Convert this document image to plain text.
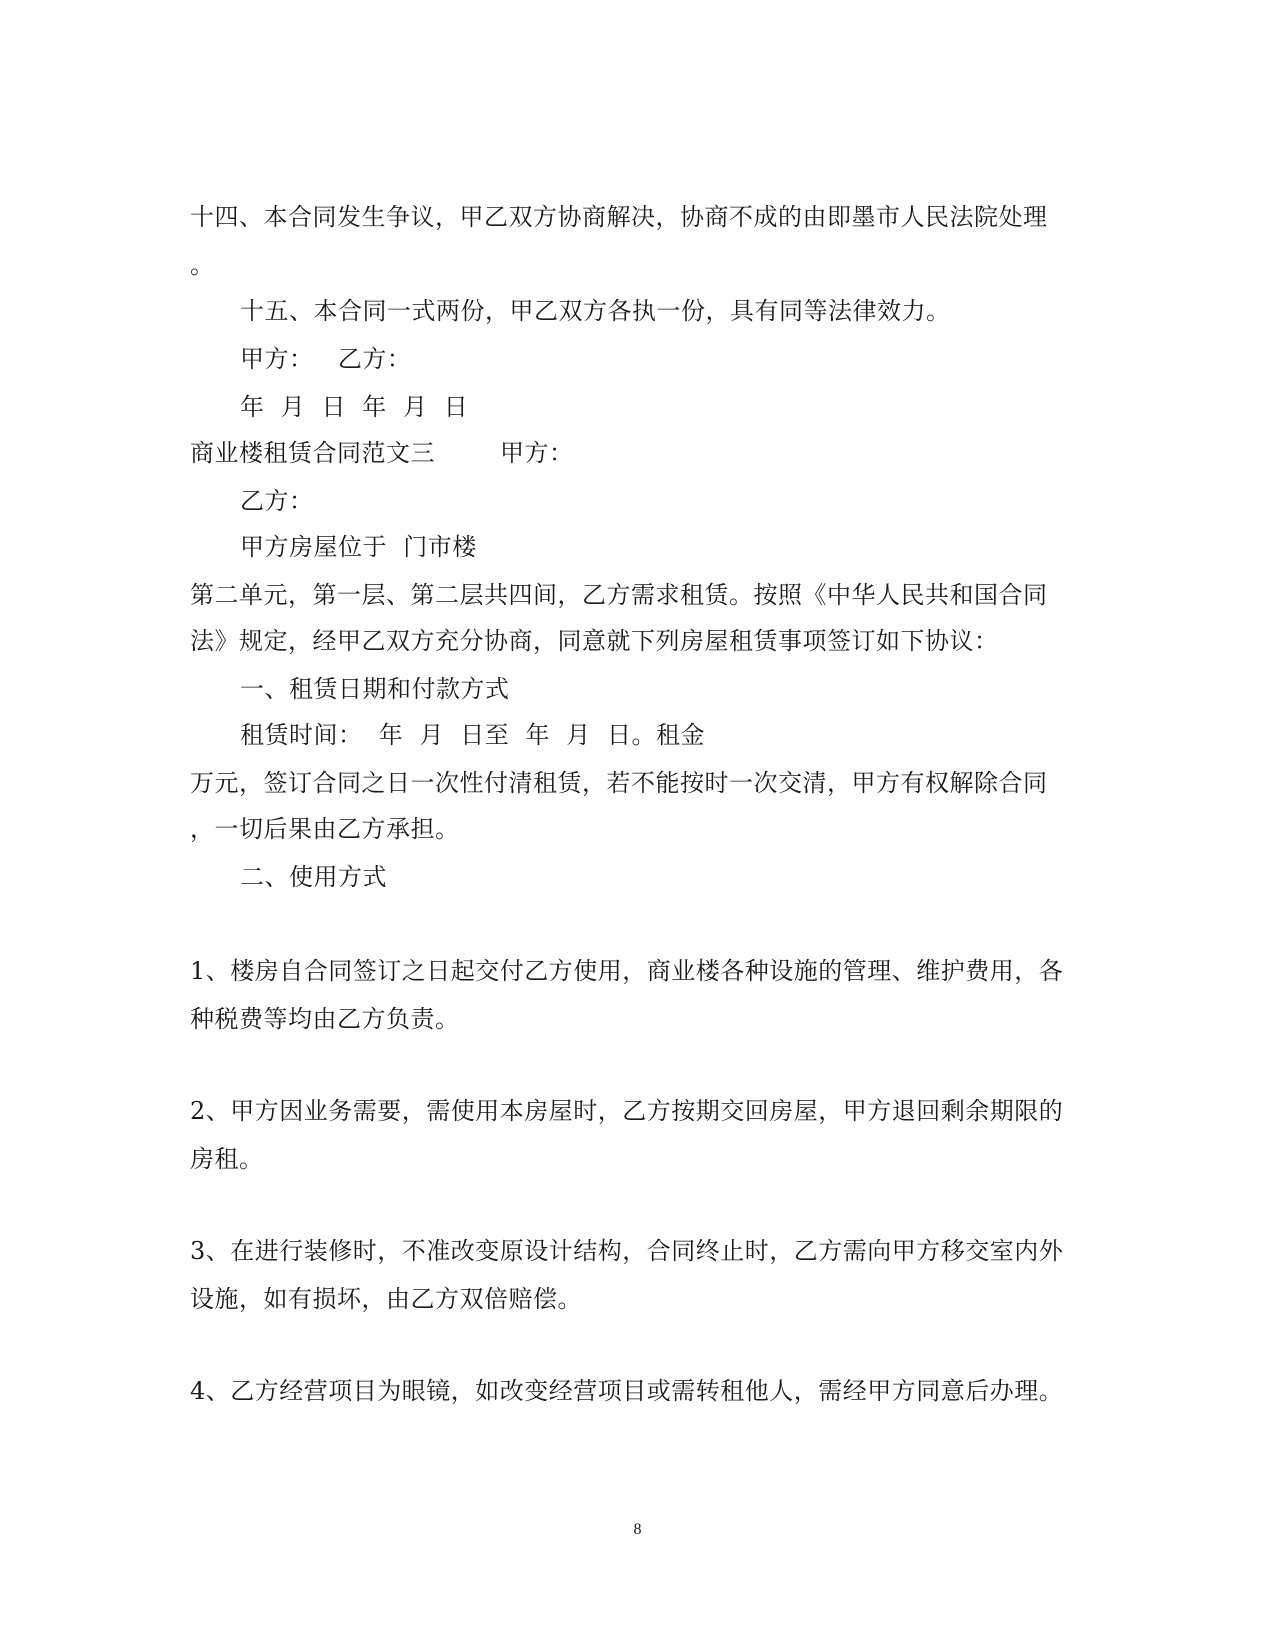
十四、本合同发生争议，甲乙双方协商解决，协商不成的由即墨市人民法院处理
。
十五、本合同一式两份，甲乙双方各执一份，具有同等法律效力。
甲方：   乙方：
年  月  日  年  月  日
商业楼租赁合同范文三        甲方：
乙方：
甲方房屋位于  门市楼
第二单元，第一层、第二层共四间，乙方需求租赁。按照《中华人民共和国合同
法》规定，经甲乙双方充分协商，同意就下列房屋租赁事项签订如下协议：
一、租赁日期和付款方式
租赁时间：  年  月  日至  年  月  日。租金
万元，签订合同之日一次性付清租赁，若不能按时一次交清，甲方有权解除合同
，一切后果由乙方承担。
二、使用方式
1、楼房自合同签订之日起交付乙方使用，商业楼各种设施的管理、维护费用，各
种税费等均由乙方负责。
2、甲方因业务需要，需使用本房屋时，乙方按期交回房屋，甲方退回剩余期限的
房租。
3、在进行装修时，不准改变原设计结构，合同终止时，乙方需向甲方移交室内外
设施，如有损坏，由乙方双倍赔偿。
4、乙方经营项目为眼镜，如改变经营项目或需转租他人，需经甲方同意后办理。
8
